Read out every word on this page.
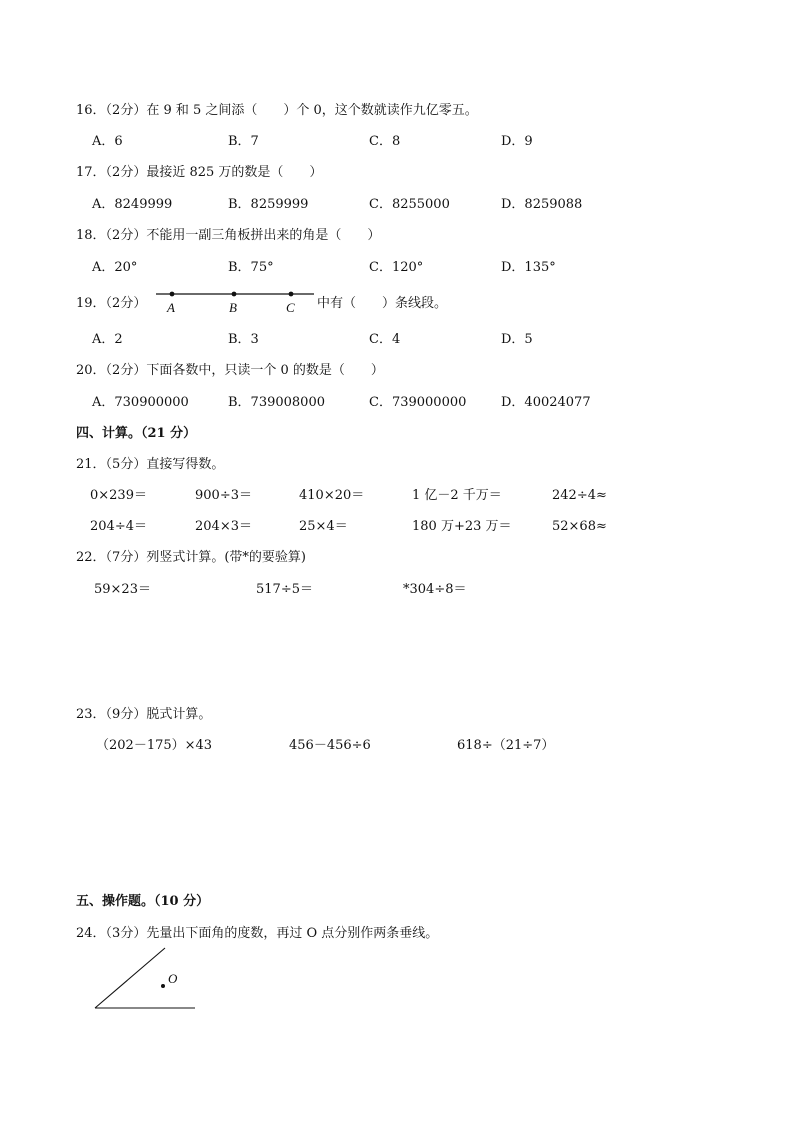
16．（2分）在 9 和 5 之间添（　　）个 0，这个数就读作九亿零五。
A．6	B．7	C．8	D．9
17．（2分）最接近 825 万的数是（　　）
A．8249999	B．8259999	C．8255000	D．8259088
18．（2分）不能用一副三角板拼出来的角是（　　）
A．20°	B．75°	C．120°	D．135°
19．（2分） A	B	C 中有（　　）条线段。
A．2	B．3	C．4	D．5
20．（2分）下面各数中，只读一个 0 的数是（　　）
A．730900000	B．739008000	C．739000000	D．40024077
四、计算。（21 分）
21．（5分）直接写得数。
0×239＝	900÷3＝	410×20＝	1 亿－2 千万＝	242÷4≈
204÷4＝	204×3＝	25×4＝	180 万+23 万＝	52×68≈
22．（7分）列竖式计算。(带*的要验算)
59×23＝	517÷5＝	*304÷8＝
23．（9分）脱式计算。
（202－175）×43	456－456÷6	618÷（21÷7）
五、操作题。（10 分）
24．（3分）先量出下面角的度数，再过 O 点分别作两条垂线。
O
